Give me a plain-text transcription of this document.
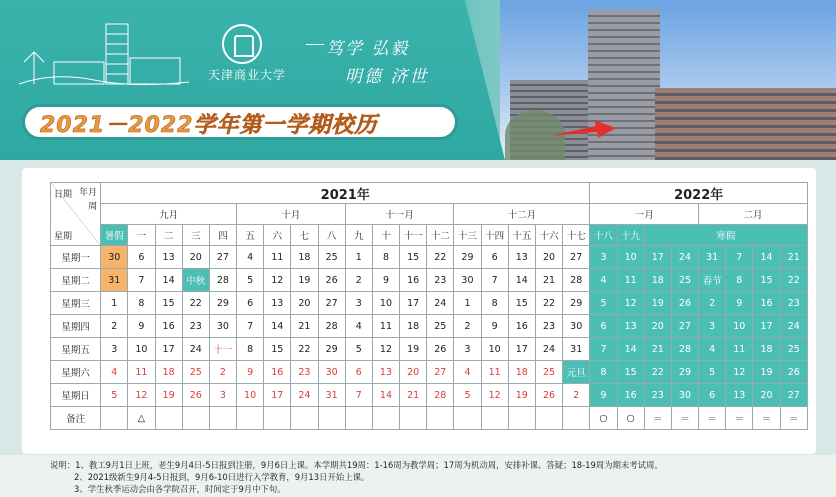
天津商业大学
笃学 弘毅
明德 济世
2021－2022学年第一学期校历
日期 年月
周
星期	2021年																		2022年							
	九月					十月				十一月				十二月					一月				二月			
	暑假	一	二	三	四	五	六	七	八	九	十	十一	十二	十三	十四	十五	十六	十七	十八	十九	寒假					
星期一	30	6	13	20	27	4	11	18	25	1	8	15	22	29	6	13	20	27	3	10	17	24	31	7	14	21
星期二	31	7	14	中秋	28	5	12	19	26	2	9	16	23	30	7	14	21	28	4	11	18	25	春节	8	15	22
星期三	1	8	15	22	29	6	13	20	27	3	10	17	24	1	8	15	22	29	5	12	19	26	2	9	16	23
星期四	2	9	16	23	30	7	14	21	28	4	11	18	25	2	9	16	23	30	6	13	20	27	3	10	17	24
星期五	3	10	17	24	十一	8	15	22	29	5	12	19	26	3	10	17	24	31	7	14	21	28	4	11	18	25
星期六	4	11	18	25	2	9	16	23	30	6	13	20	27	4	11	18	25	元旦	8	15	22	29	5	12	19	26
星期日	5	12	19	26	3	10	17	24	31	7	14	21	28	5	12	19	26	2	9	16	23	30	6	13	20	27
备注		△																	○	○	＝	＝	＝	＝	＝	＝
说明：1、教工9月1日上班，老生9月4日-5日报到注册，9月6日上课。本学期共19周：1-16周为教学周；17周为机动周，安排补课、答疑；18-19周为期末考试周。
2、2021级新生9月4-5日报到，9月6-10日进行入学教育，9月13日开始上课。
3、学生秋季运动会由各学院召开，时间定于9月中下旬。
